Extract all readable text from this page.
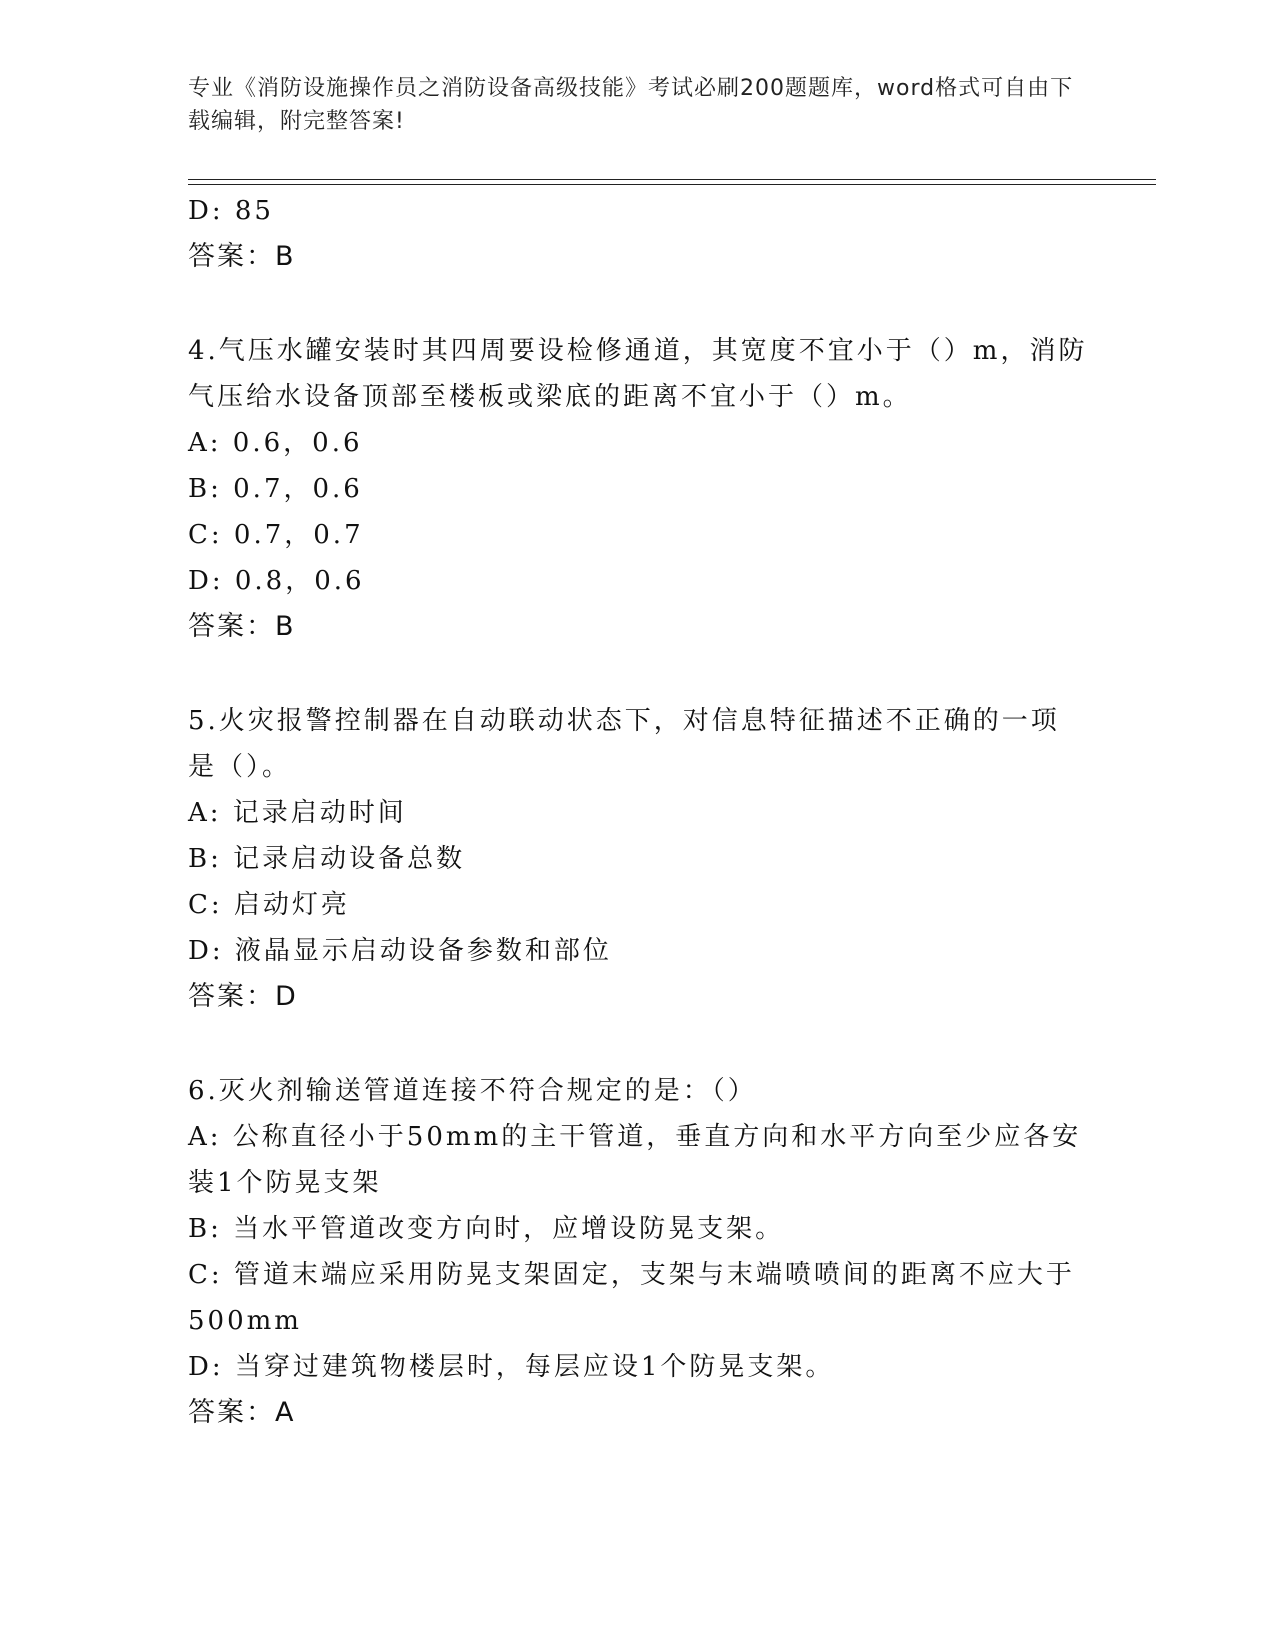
专业《消防设施操作员之消防设备高级技能》考试必刷200题题库，word格式可自由下载编辑，附完整答案!
D: 85
答案：B
4.气压水罐安装时其四周要设检修通道，其宽度不宜小于（）m，消防气压给水设备顶部至楼板或梁底的距离不宜小于（）m。
A: 0.6，0.6
B: 0.7，0.6
C: 0.7，0.7
D: 0.8，0.6
答案：B
5.火灾报警控制器在自动联动状态下，对信息特征描述不正确的一项是（）。
A: 记录启动时间
B: 记录启动设备总数
C: 启动灯亮
D: 液晶显示启动设备参数和部位
答案：D
6.灭火剂输送管道连接不符合规定的是：（）
A: 公称直径小于50mm的主干管道，垂直方向和水平方向至少应各安装1个防晃支架
B: 当水平管道改变方向时，应增设防晃支架。
C: 管道末端应采用防晃支架固定，支架与末端喷喷间的距离不应大于500mm
D: 当穿过建筑物楼层时，每层应设1个防晃支架。
答案：A
